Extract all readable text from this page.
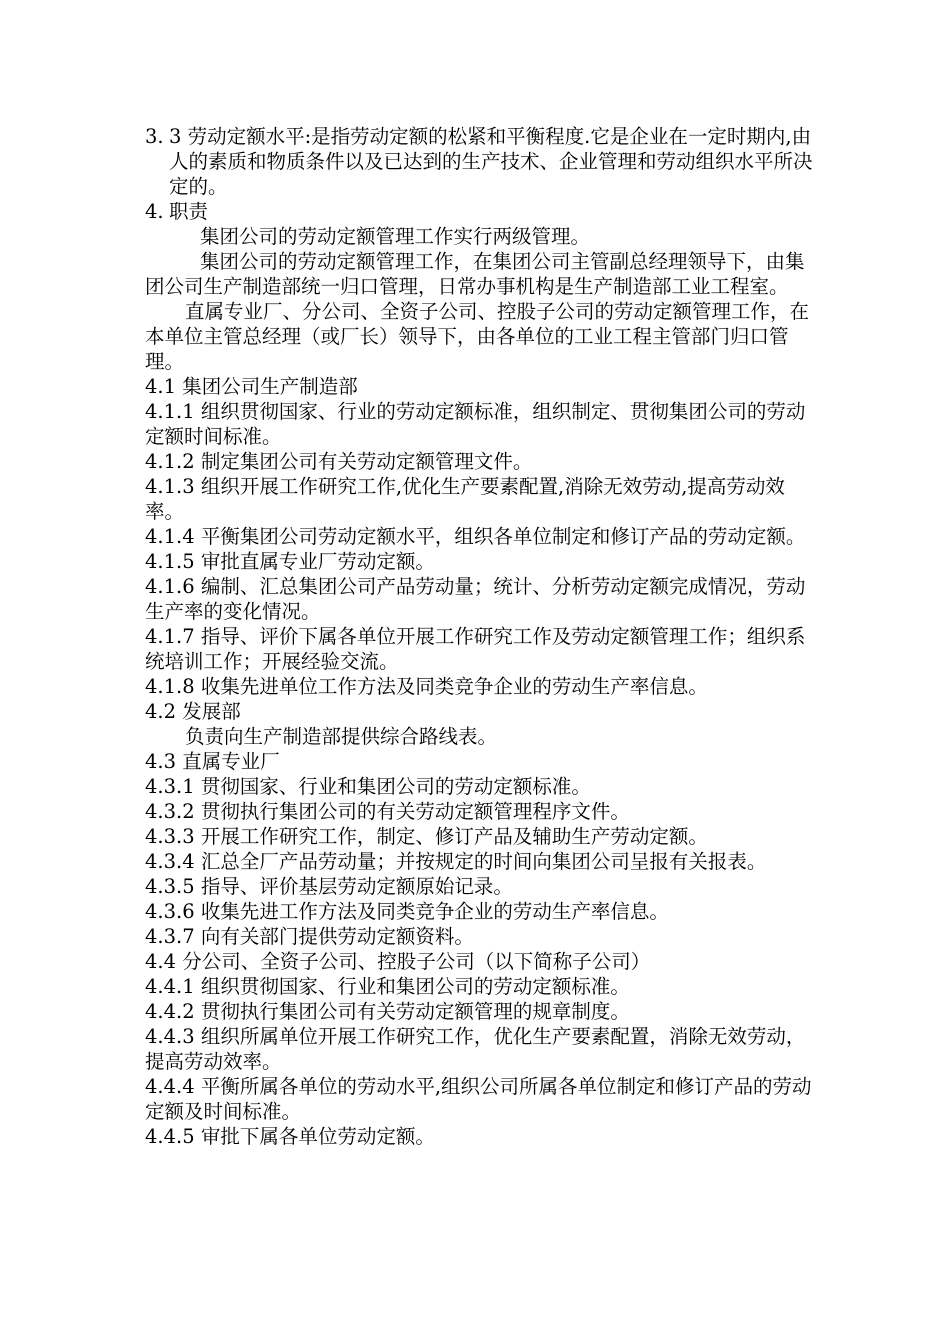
3. 3 劳动定额水平:是指劳动定额的松紧和平衡程度.它是企业在一定时期内,由人的素质和物质条件以及已达到的生产技术、企业管理和劳动组织水平所决定的。
4. 职责

集团公司的劳动定额管理工作实行两级管理。

集团公司的劳动定额管理工作，在集团公司主管副总经理领导下，由集团公司生产制造部统一归口管理，日常办事机构是生产制造部工业工程室。

直属专业厂、分公司、全资子公司、控股子公司的劳动定额管理工作，在本单位主管总经理（或厂长）领导下，由各单位的工业工程主管部门归口管理。

4.1 集团公司生产制造部

4.1.1 组织贯彻国家、行业的劳动定额标准，组织制定、贯彻集团公司的劳动定额时间标准。

4.1.2 制定集团公司有关劳动定额管理文件。

4.1.3 组织开展工作研究工作,优化生产要素配置,消除无效劳动,提高劳动效率。

4.1.4 平衡集团公司劳动定额水平，组织各单位制定和修订产品的劳动定额。

4.1.5 审批直属专业厂劳动定额。

4.1.6 编制、汇总集团公司产品劳动量；统计、分析劳动定额完成情况，劳动生产率的变化情况。

4.1.7 指导、评价下属各单位开展工作研究工作及劳动定额管理工作；组织系统培训工作；开展经验交流。

4.1.8 收集先进单位工作方法及同类竞争企业的劳动生产率信息。

4.2 发展部

负责向生产制造部提供综合路线表。

4.3 直属专业厂

4.3.1 贯彻国家、行业和集团公司的劳动定额标准。

4.3.2 贯彻执行集团公司的有关劳动定额管理程序文件。

4.3.3 开展工作研究工作，制定、修订产品及辅助生产劳动定额。

4.3.4 汇总全厂产品劳动量；并按规定的时间向集团公司呈报有关报表。

4.3.5 指导、评价基层劳动定额原始记录。

4.3.6 收集先进工作方法及同类竞争企业的劳动生产率信息。

4.3.7 向有关部门提供劳动定额资料。

4.4 分公司、全资子公司、控股子公司（以下简称子公司）

4.4.1 组织贯彻国家、行业和集团公司的劳动定额标准。

4.4.2 贯彻执行集团公司有关劳动定额管理的规章制度。

4.4.3 组织所属单位开展工作研究工作，优化生产要素配置，消除无效劳动，提高劳动效率。

4.4.4 平衡所属各单位的劳动水平,组织公司所属各单位制定和修订产品的劳动定额及时间标准。

4.4.5 审批下属各单位劳动定额。
